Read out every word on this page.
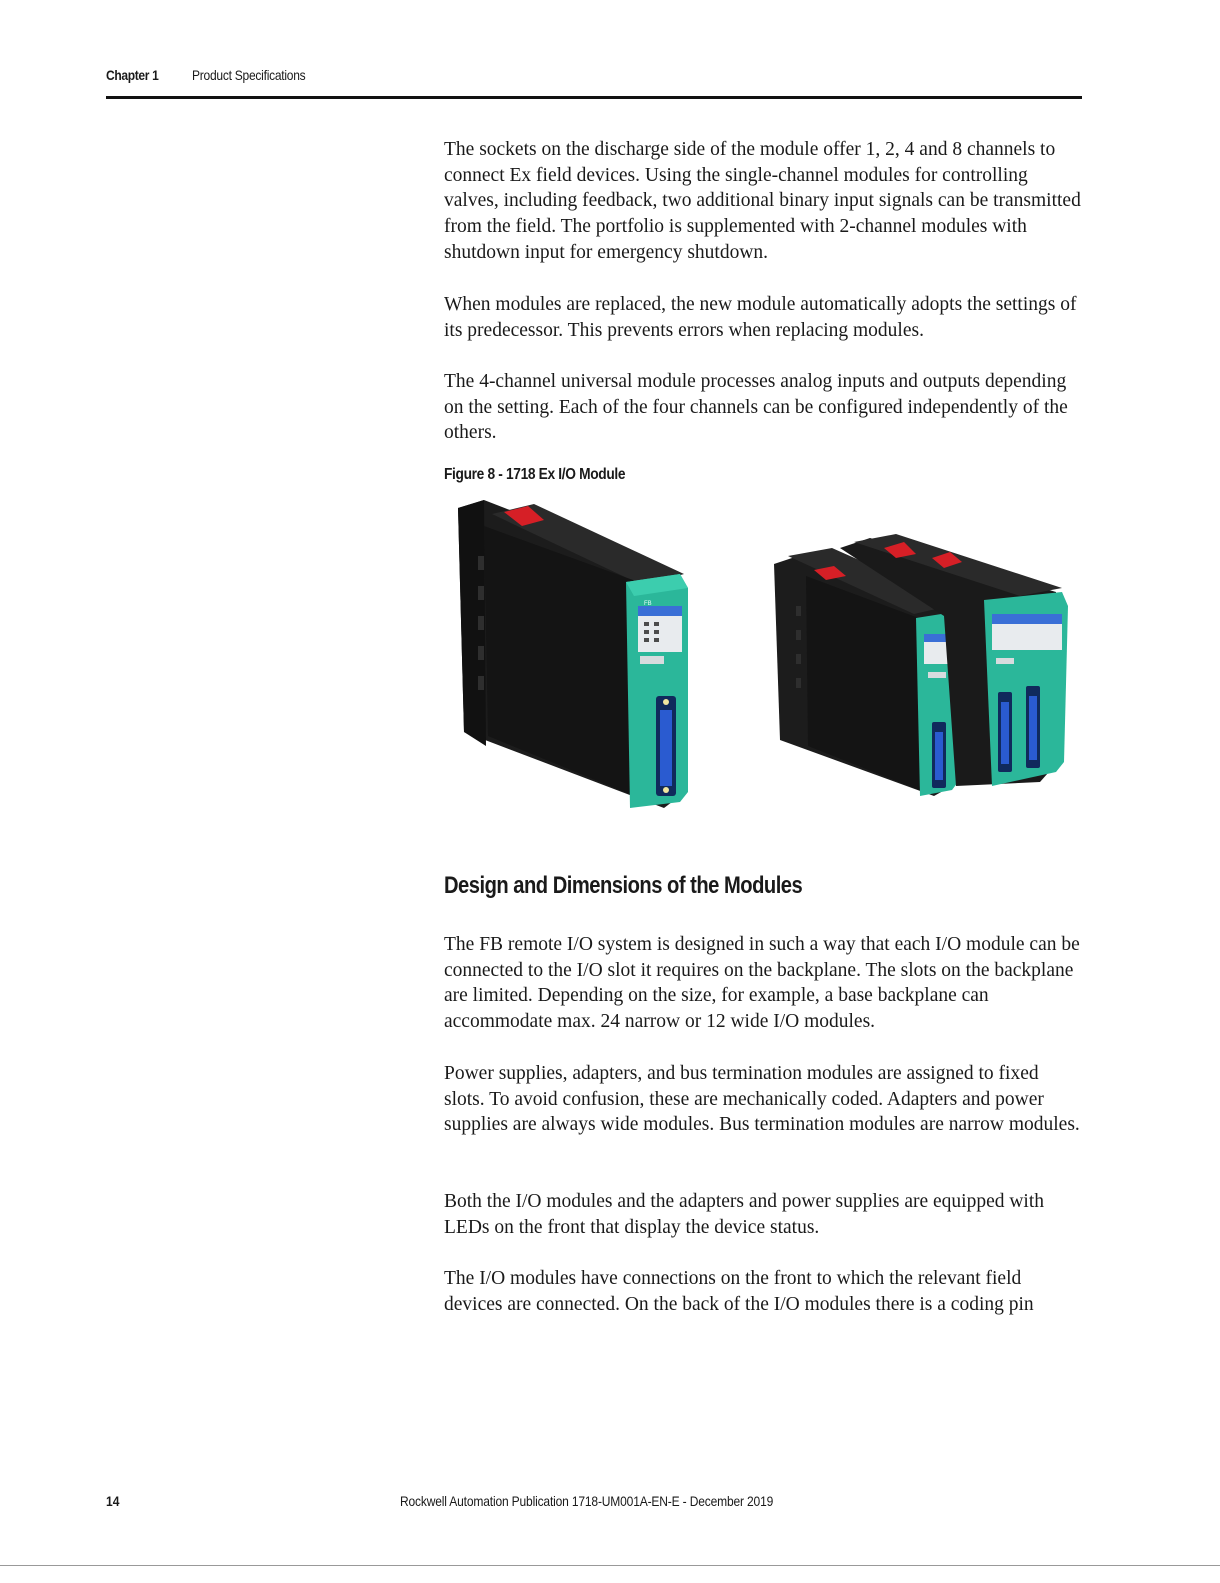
Chapter 1 Product Specifications

The sockets on the discharge side of the module offer 1, 2, 4 and 8 channels to connect Ex field devices. Using the single-channel modules for controlling valves, including feedback, two additional binary input signals can be transmitted from the field. The portfolio is supplemented with 2-channel modules with shutdown input for emergency shutdown.

When modules are replaced, the new module automatically adopts the settings of its predecessor. This prevents errors when replacing modules.

The 4-channel universal module processes analog inputs and outputs depending on the setting. Each of the four channels can be configured independently of the others.

Figure 8 - 1718 Ex I/O Module
FB
Design and Dimensions of the Modules

The FB remote I/O system is designed in such a way that each I/O module can be connected to the I/O slot it requires on the backplane. The slots on the backplane are limited. Depending on the size, for example, a base backplane can accommodate max. 24 narrow or 12 wide I/O modules.

Power supplies, adapters, and bus termination modules are assigned to fixed slots. To avoid confusion, these are mechanically coded. Adapters and power supplies are always wide modules. Bus termination modules are narrow modules.

Both the I/O modules and the adapters and power supplies are equipped with LEDs on the front that display the device status.

The I/O modules have connections on the front to which the relevant field devices are connected. On the back of the I/O modules there is a coding pin

14	Rockwell Automation Publication 1718-UM001A-EN-E - December 2019
